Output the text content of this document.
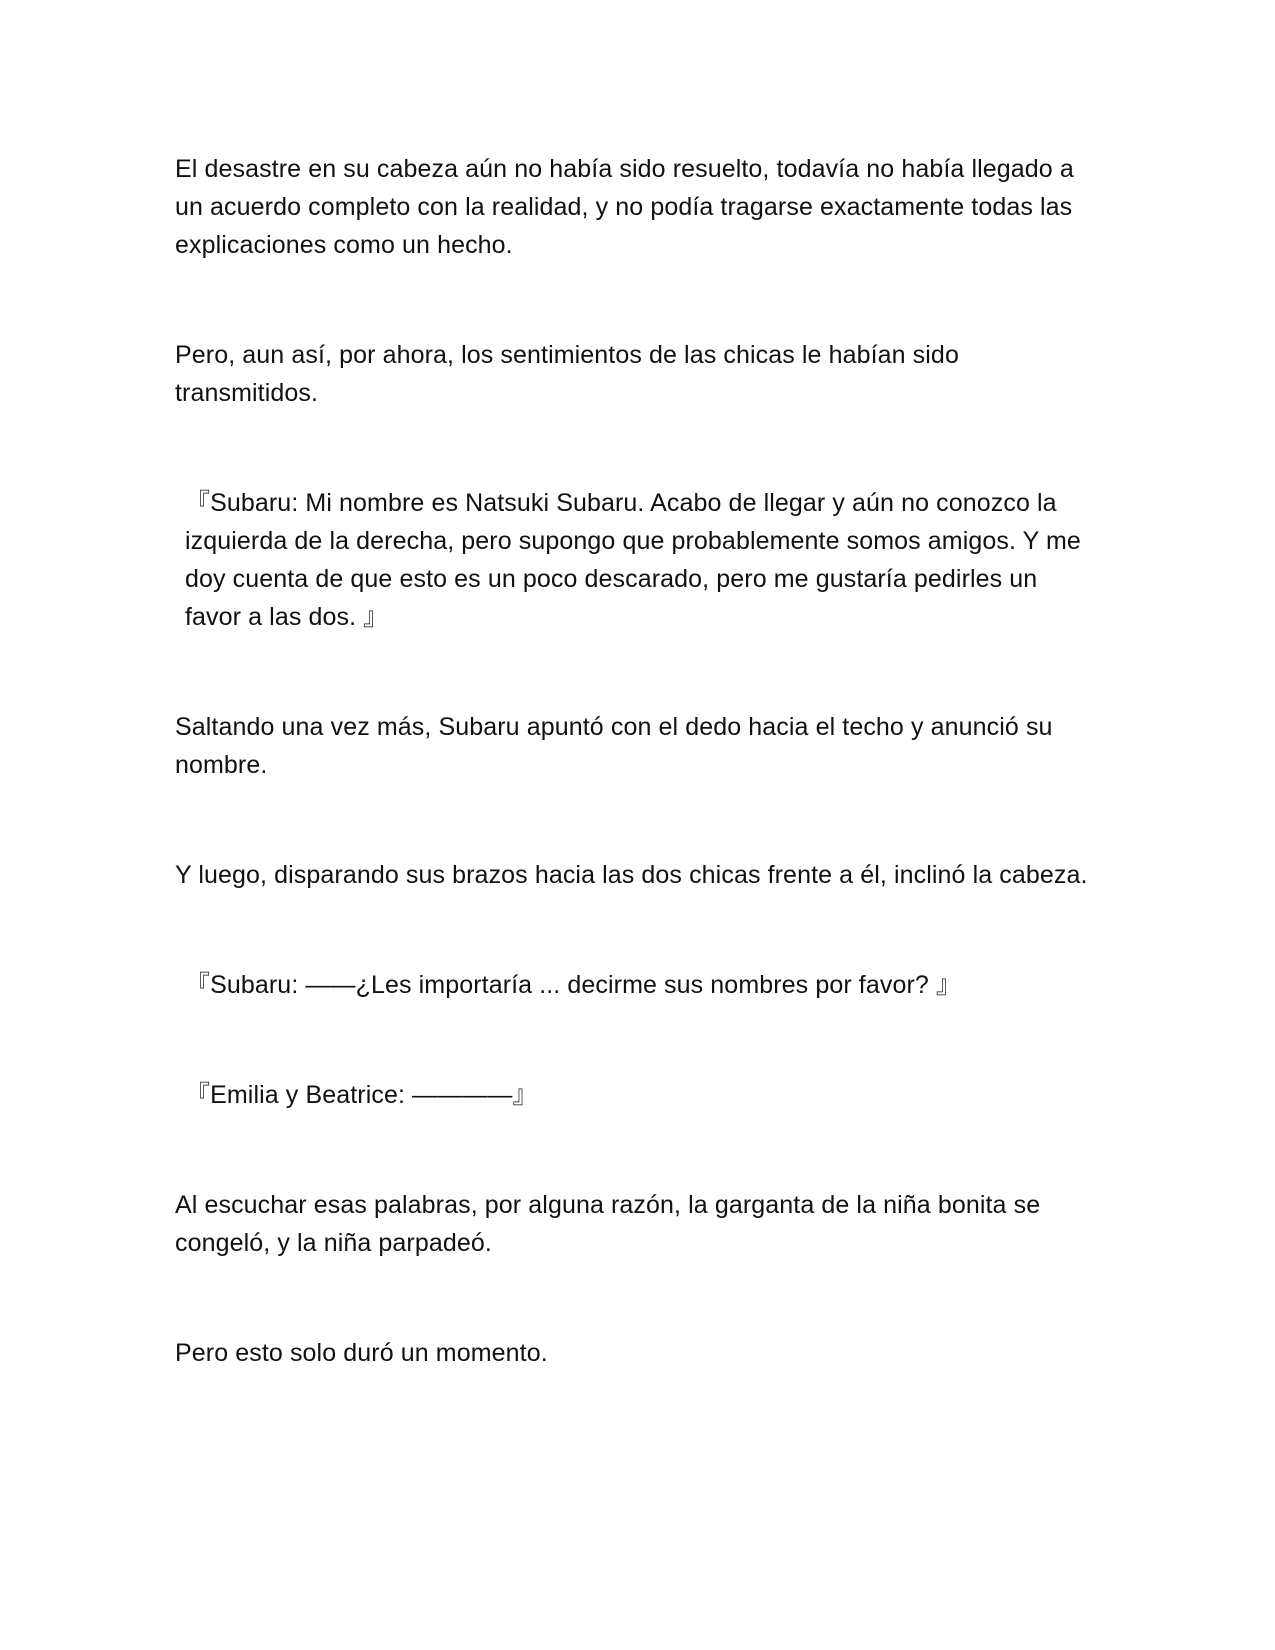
El desastre en su cabeza aún no había sido resuelto, todavía no había llegado a un acuerdo completo con la realidad, y no podía tragarse exactamente todas las explicaciones como un hecho.

Pero, aun así, por ahora, los sentimientos de las chicas le habían sido transmitidos.

『Subaru: Mi nombre es Natsuki Subaru. Acabo de llegar y aún no conozco la izquierda de la derecha, pero supongo que probablemente somos amigos. Y me doy cuenta de que esto es un poco descarado, pero me gustaría pedirles un favor a las dos. 』

Saltando una vez más, Subaru apuntó con el dedo hacia el techo y anunció su nombre.

Y luego, disparando sus brazos hacia las dos chicas frente a él, inclinó la cabeza.

『Subaru: ——¿Les importaría ... decirme sus nombres por favor? 』

『Emilia y Beatrice: ————』

Al escuchar esas palabras, por alguna razón, la garganta de la niña bonita se congeló, y la niña parpadeó.

Pero esto solo duró un momento.
